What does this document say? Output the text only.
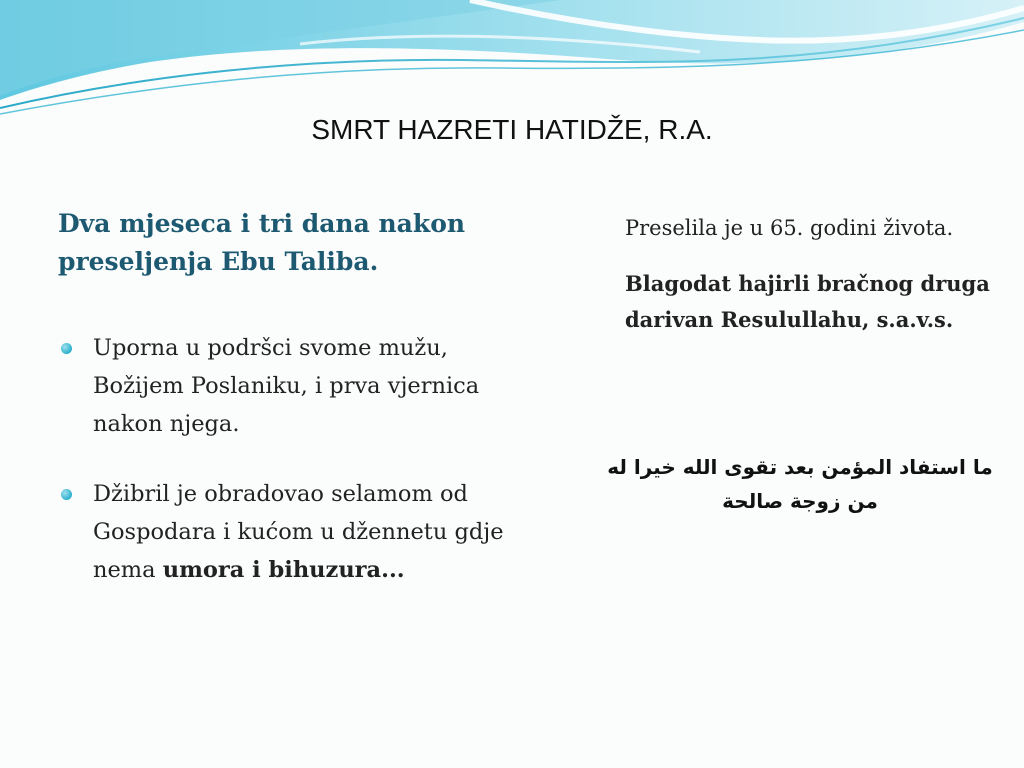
SMRT HAZRETI HATIDŽE, R.A.

Dva mjeseca i tri dana nakon preseljenja Ebu Taliba.

Uporna u podršci svome mužu, Božijem Poslaniku, i prva vjernica nakon njega.
Džibril je obradovao selamom od Gospodara i kućom u džennetu gdje nema umora i bihuzura...

Preselila je u 65. godini života.

Blagodat hajirli bračnog druga darivan Resulullahu, s.a.v.s.

ما استفاد المؤمن بعد تقوى الله خيرا له من زوجة صالحة
